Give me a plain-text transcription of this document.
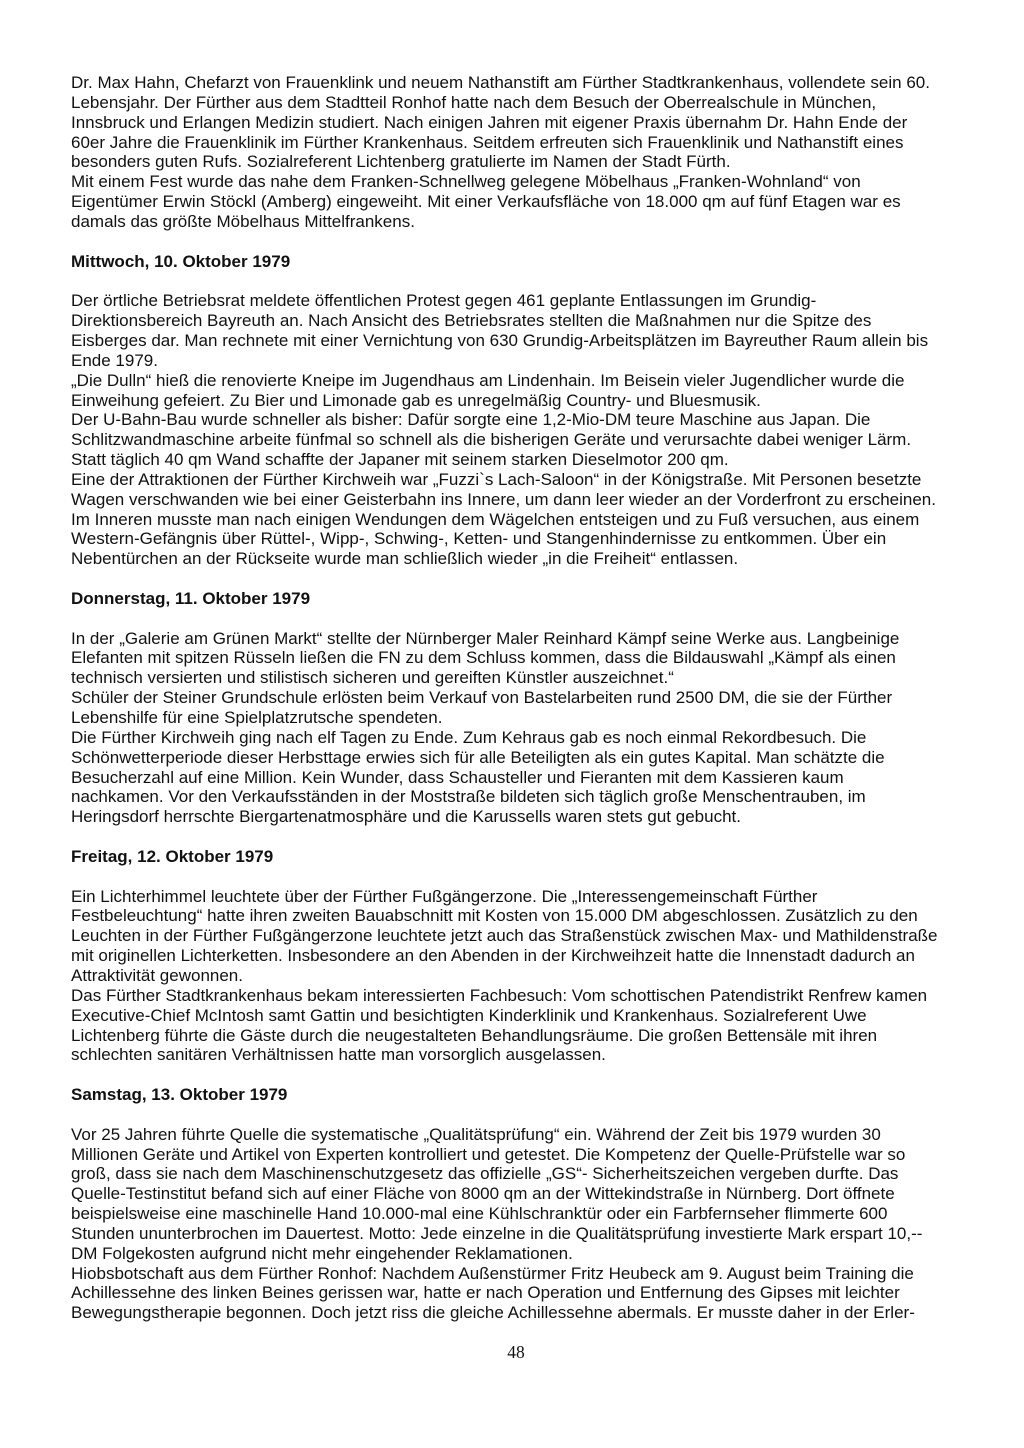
Dr. Max Hahn, Chefarzt von Frauenklink und neuem Nathanstift am Fürther Stadtkrankenhaus, vollendete sein 60.
Lebensjahr. Der Fürther aus dem Stadtteil Ronhof hatte nach dem Besuch der Oberrealschule in München,
Innsbruck und Erlangen Medizin studiert. Nach einigen Jahren mit eigener Praxis übernahm Dr. Hahn Ende der
60er Jahre die Frauenklinik im Fürther Krankenhaus. Seitdem erfreuten sich Frauenklinik und Nathanstift eines
besonders guten Rufs. Sozialreferent Lichtenberg gratulierte im Namen der Stadt Fürth.
Mit einem Fest wurde das nahe dem Franken-Schnellweg gelegene Möbelhaus „Franken-Wohnland“ von
Eigentümer Erwin Stöckl (Amberg) eingeweiht. Mit einer Verkaufsfläche von 18.000 qm auf fünf Etagen war es
damals das größte Möbelhaus Mittelfrankens.
Mittwoch, 10. Oktober 1979
Der örtliche Betriebsrat meldete öffentlichen Protest gegen 461 geplante Entlassungen im Grundig-
Direktionsbereich Bayreuth an. Nach Ansicht des Betriebsrates stellten die Maßnahmen nur die Spitze des
Eisberges dar. Man rechnete mit einer Vernichtung von 630 Grundig-Arbeitsplätzen im Bayreuther Raum allein bis
Ende 1979.
„Die Dulln“ hieß die renovierte Kneipe im Jugendhaus am Lindenhain. Im Beisein vieler Jugendlicher wurde die
Einweihung gefeiert. Zu Bier und Limonade gab es unregelmäßig Country- und Bluesmusik.
Der U-Bahn-Bau wurde schneller als bisher: Dafür sorgte eine 1,2-Mio-DM teure Maschine aus Japan. Die
Schlitzwandmaschine arbeite fünfmal so schnell als die bisherigen Geräte und verursachte dabei weniger Lärm.
Statt täglich 40 qm Wand schaffte der Japaner mit seinem starken Dieselmotor 200 qm.
Eine der Attraktionen der Fürther Kirchweih war „Fuzzi`s Lach-Saloon“ in der Königstraße. Mit Personen besetzte
Wagen verschwanden wie bei einer Geisterbahn ins Innere, um dann leer wieder an der Vorderfront zu erscheinen.
Im Inneren musste man nach einigen Wendungen dem Wägelchen entsteigen und zu Fuß versuchen, aus einem
Western-Gefängnis über Rüttel-, Wipp-, Schwing-, Ketten- und Stangenhindernisse zu entkommen. Über ein
Nebentürchen an der Rückseite wurde man schließlich wieder „in die Freiheit“ entlassen.
Donnerstag, 11. Oktober 1979
In der „Galerie am Grünen Markt“ stellte der Nürnberger Maler Reinhard Kämpf seine Werke aus. Langbeinige
Elefanten mit spitzen Rüsseln ließen die FN zu dem Schluss kommen, dass die Bildauswahl „Kämpf als einen
technisch versierten und stilistisch sicheren und gereiften Künstler auszeichnet.“
Schüler der Steiner Grundschule erlösten beim Verkauf von Bastelarbeiten rund 2500 DM, die sie der Fürther
Lebenshilfe für eine Spielplatzrutsche spendeten.
Die Fürther Kirchweih ging nach elf Tagen zu Ende. Zum Kehraus gab es noch einmal Rekordbesuch. Die
Schönwetterperiode dieser Herbsttage erwies sich für alle Beteiligten als ein gutes Kapital. Man schätzte die
Besucherzahl auf eine Million. Kein Wunder, dass Schausteller und Fieranten mit dem Kassieren kaum
nachkamen. Vor den Verkaufsständen in der Moststraße bildeten sich täglich große Menschentrauben, im
Heringsdorf herrschte Biergartenatmosphäre und die Karussells waren stets gut gebucht.
Freitag, 12. Oktober 1979
Ein Lichterhimmel leuchtete über der Fürther Fußgängerzone. Die „Interessengemeinschaft Fürther
Festbeleuchtung“ hatte ihren zweiten Bauabschnitt mit Kosten von 15.000 DM abgeschlossen. Zusätzlich zu den
Leuchten in der Fürther Fußgängerzone leuchtete jetzt auch das Straßenstück zwischen Max- und Mathildenstraße
mit originellen Lichterketten. Insbesondere an den Abenden in der Kirchweihzeit hatte die Innenstadt dadurch an
Attraktivität gewonnen.
Das Fürther Stadtkrankenhaus bekam interessierten Fachbesuch: Vom schottischen Patendistrikt Renfrew kamen
Executive-Chief McIntosh samt Gattin und besichtigten Kinderklinik und Krankenhaus. Sozialreferent Uwe
Lichtenberg führte die Gäste durch die neugestalteten Behandlungsräume. Die großen Bettensäle mit ihren
schlechten sanitären Verhältnissen hatte man vorsorglich ausgelassen.
Samstag, 13. Oktober 1979
Vor 25 Jahren führte Quelle die systematische „Qualitätsprüfung“ ein. Während der Zeit bis 1979 wurden 30
Millionen Geräte und Artikel von Experten kontrolliert und getestet. Die Kompetenz der Quelle-Prüfstelle war so
groß, dass sie nach dem Maschinenschutzgesetz das offizielle „GS“- Sicherheitszeichen vergeben durfte. Das
Quelle-Testinstitut befand sich auf einer Fläche von 8000 qm an der Wittekindstraße in Nürnberg. Dort öffnete
beispielsweise eine maschinelle Hand 10.000-mal eine Kühlschranktür oder ein Farbfernseher flimmerte 600
Stunden ununterbrochen im Dauertest. Motto: Jede einzelne in die Qualitätsprüfung investierte Mark erspart 10,--
DM Folgekosten aufgrund nicht mehr eingehender Reklamationen.
Hiobsbotschaft aus dem Fürther Ronhof: Nachdem Außenstürmer Fritz Heubeck am 9. August beim Training die
Achillessehne des linken Beines gerissen war, hatte er nach Operation und Entfernung des Gipses mit leichter
Bewegungstherapie begonnen. Doch jetzt riss die gleiche Achillessehne abermals. Er musste daher in der Erler-
48
